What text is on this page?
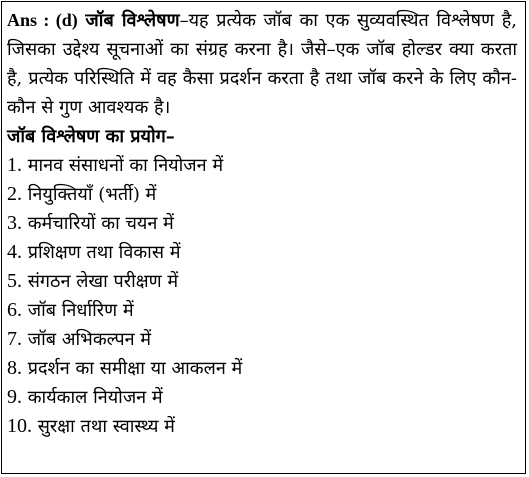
Ans : (d) जॉब विश्लेषण–यह प्रत्येक जॉब का एक सुव्यवस्थित विश्लेषण है, जिसका उद्देश्य सूचनाओं का संग्रह करना है। जैसे–एक जॉब होल्डर क्या करता है, प्रत्येक परिस्थिति में वह कैसा प्रदर्शन करता है तथा जॉब करने के लिए कौन-कौन से गुण आवश्यक है।

जॉब विश्लेषण का प्रयोग–

1. मानव संसाधनों का नियोजन में
2. नियुक्तियाँ (भर्ती) में
3. कर्मचारियों का चयन में
4. प्रशिक्षण तथा विकास में
5. संगठन लेखा परीक्षण में
6. जॉब निर्धारिण में
7. जॉब अभिकल्पन में
8. प्रदर्शन का समीक्षा या आकलन में
9. कार्यकाल नियोजन में
10. सुरक्षा तथा स्वास्थ्य में
